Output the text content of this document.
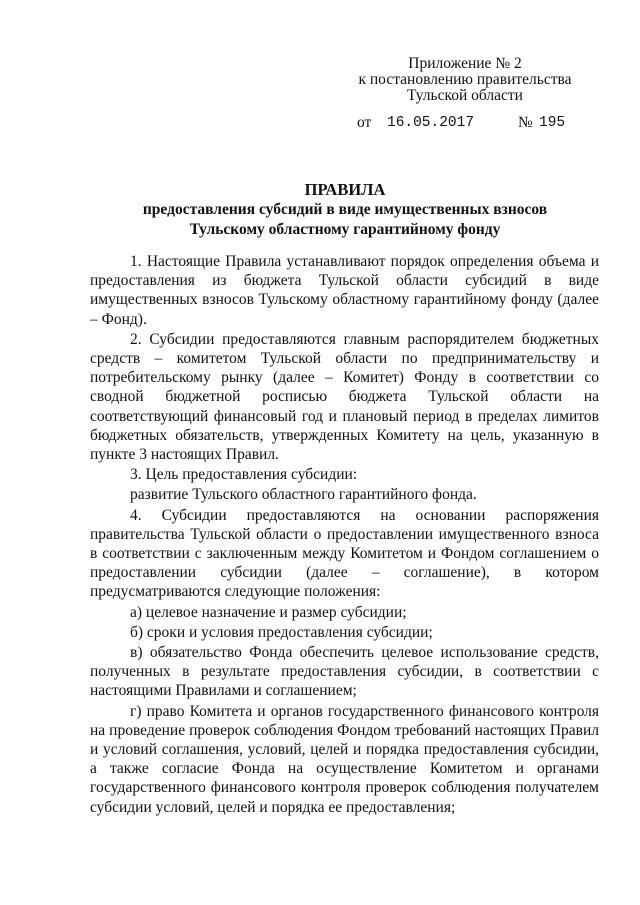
Приложение № 2
к постановлению правительства
Тульской области
от 16.05.2017	№ 195
ПРАВИЛА
предоставления субсидий в виде имущественных взносов
Тульскому областному гарантийному фонду

1. Настоящие Правила устанавливают порядок определения объема и предоставления из бюджета Тульской области субсидий в виде имущественных взносов Тульскому областному гарантийному фонду (далее – Фонд).

2. Субсидии предоставляются главным распорядителем бюджетных средств – комитетом Тульской области по предпринимательству и потребительскому рынку (далее – Комитет) Фонду в соответствии со сводной бюджетной росписью бюджета Тульской области на соответствующий финансовый год и плановый период в пределах лимитов бюджетных обязательств, утвержденных Комитету на цель, указанную в пункте 3 настоящих Правил.

3. Цель предоставления субсидии:

развитие Тульского областного гарантийного фонда.

4. Субсидии предоставляются на основании распоряжения правительства Тульской области о предоставлении имущественного взноса в соответствии с заключенным между Комитетом и Фондом соглашением о предоставлении субсидии (далее – соглашение), в котором предусматриваются следующие положения:

а) целевое назначение и размер субсидии;

б) сроки и условия предоставления субсидии;

в) обязательство Фонда обеспечить целевое использование средств, полученных в результате предоставления субсидии, в соответствии с настоящими Правилами и соглашением;

г) право Комитета и органов государственного финансового контроля на проведение проверок соблюдения Фондом требований настоящих Правил и условий соглашения, условий, целей и порядка предоставления субсидии, а также согласие Фонда на осуществление Комитетом и органами государственного финансового контроля проверок соблюдения получателем субсидии условий, целей и порядка ее предоставления;
